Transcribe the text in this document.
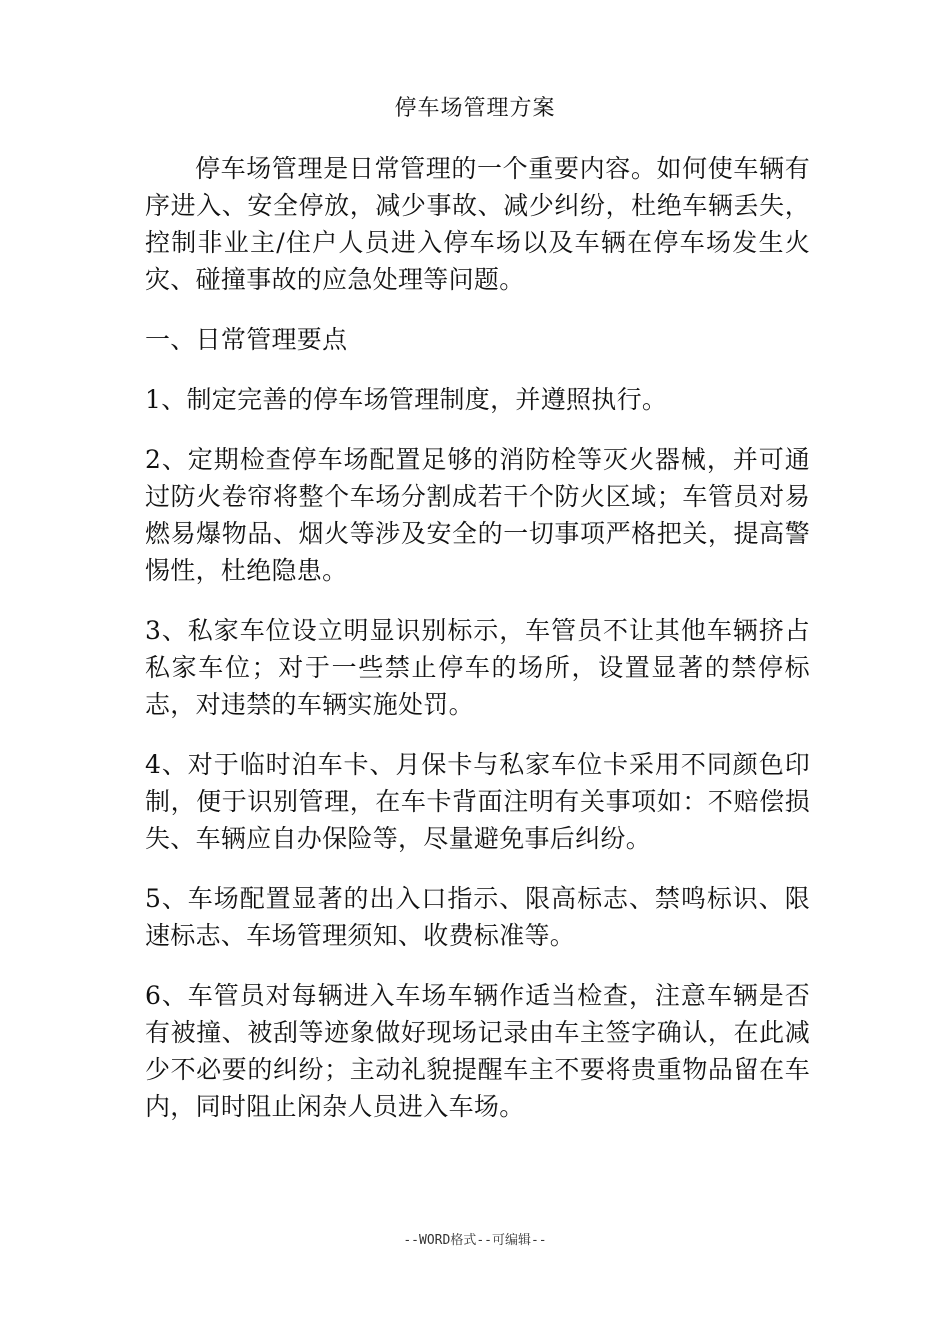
停车场管理方案

停车场管理是日常管理的一个重要内容。如何使车辆有序进入、安全停放，减少事故、减少纠纷，杜绝车辆丢失，控制非业主/住户人员进入停车场以及车辆在停车场发生火灾、碰撞事故的应急处理等问题。

一、日常管理要点

1、制定完善的停车场管理制度，并遵照执行。

2、定期检查停车场配置足够的消防栓等灭火器械，并可通过防火卷帘将整个车场分割成若干个防火区域；车管员对易燃易爆物品、烟火等涉及安全的一切事项严格把关，提高警惕性，杜绝隐患。

3、私家车位设立明显识别标示，车管员不让其他车辆挤占私家车位；对于一些禁止停车的场所，设置显著的禁停标志，对违禁的车辆实施处罚。

4、对于临时泊车卡、月保卡与私家车位卡采用不同颜色印制，便于识别管理，在车卡背面注明有关事项如：不赔偿损失、车辆应自办保险等，尽量避免事后纠纷。

5、车场配置显著的出入口指示、限高标志、禁鸣标识、限速标志、车场管理须知、收费标准等。

6、车管员对每辆进入车场车辆作适当检查，注意车辆是否有被撞、被刮等迹象做好现场记录由车主签字确认，在此减少不必要的纠纷；主动礼貌提醒车主不要将贵重物品留在车内，同时阻止闲杂人员进入车场。

--WORD格式--可编辑--
